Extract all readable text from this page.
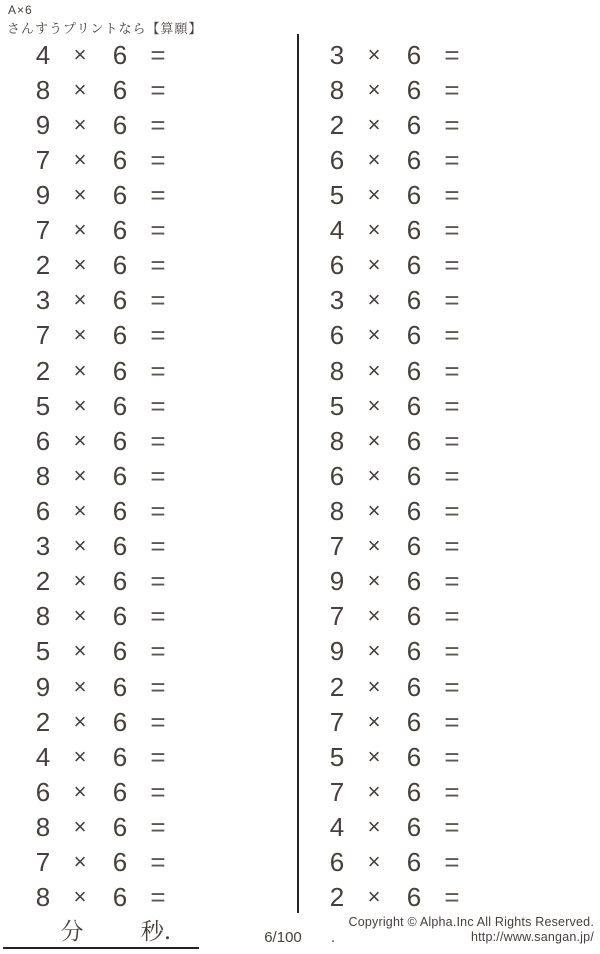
A×6
さんすうプリントなら【算願】
4	×	6 =
8	×	6 =
9	×	6 =
7	×	6 =
9	×	6 =
7	×	6 =
2	×	6 =
3	×	6 =
7	×	6 =
2	×	6 =
5	×	6 =
6	×	6 =
8	×	6 =
6	×	6 =
3	×	6 =
2	×	6 =
8	×	6 =
5	×	6 =
9	×	6 =
2	×	6 =
4	×	6 =
6	×	6 =
8	×	6 =
7	×	6 =
8	×	6 =
3	×	6 =
8	×	6 =
2	×	6 =
6	×	6 =
5	×	6 =
4	×	6 =
6	×	6 =
3	×	6 =
6	×	6 =
8	×	6 =
5	×	6 =
8	×	6 =
6	×	6 =
8	×	6 =
7	×	6 =
9	×	6 =
7	×	6 =
9	×	6 =
2	×	6 =
7	×	6 =
5	×	6 =
7	×	6 =
4	×	6 =
6	×	6 =
2	×	6 =
分	秒.	6/100	.
Copyright © Alpha.Inc All Rights Reserved.
http://www.sangan.jp/
